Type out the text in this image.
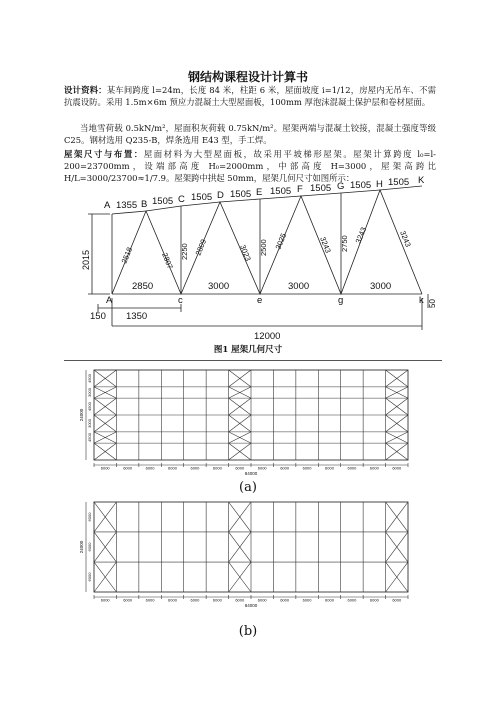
钢结构课程设计计算书
设计资料：某车间跨度 l=24m，长度 84 米，柱距 6 米，屋面坡度 i=1/12，房屋内无吊车、不需抗震设防。采用 1.5m×6m 预应力混凝土大型屋面板，100mm 厚泡沫混凝土保护层和卷材屋面。
当地雪荷载 0.5kN/m²，屋面积灰荷载 0.75kN/m²。屋架两端与混凝土铰接，混凝土强度等级 C25。钢材选用 Q235-B，焊条选用 E43 型，手工焊。
屋架尺寸与布置：屋面材料为大型屋面板，故采用平坡梯形屋架。屋架计算跨度 l₀=l-200=23700mm，设端部高度 H₀=2000mm，中部高度 H=3000，屋架高跨比 H/L=3000/23700≈1/7.9。屋架跨中拱起 50mm，屋架几何尺寸如图所示：
A	B	C	D	E	F	G	H	K
1355 1505 1505 1505 1505 1505 1505 1505
A	c	e	g	k
2850	3000	3000	3000
150 1350
12000
2518	2807
2809	3023
3025	3243
3243	3243
2250	2500	2750
2015
50
图1 屋架几何尺寸
6000	6000	6000	6000	6000	6000	6000	6000	6000	6000	6000	6000	6000	6000
84000
4500
3000
4500
3000
4500
24000
(a)
6000	6000	6000	6000	6000	6000	6000	6000	6000	6000	6000	6000	6000	6000
84000
6000
6000
6000
24000
(b)
